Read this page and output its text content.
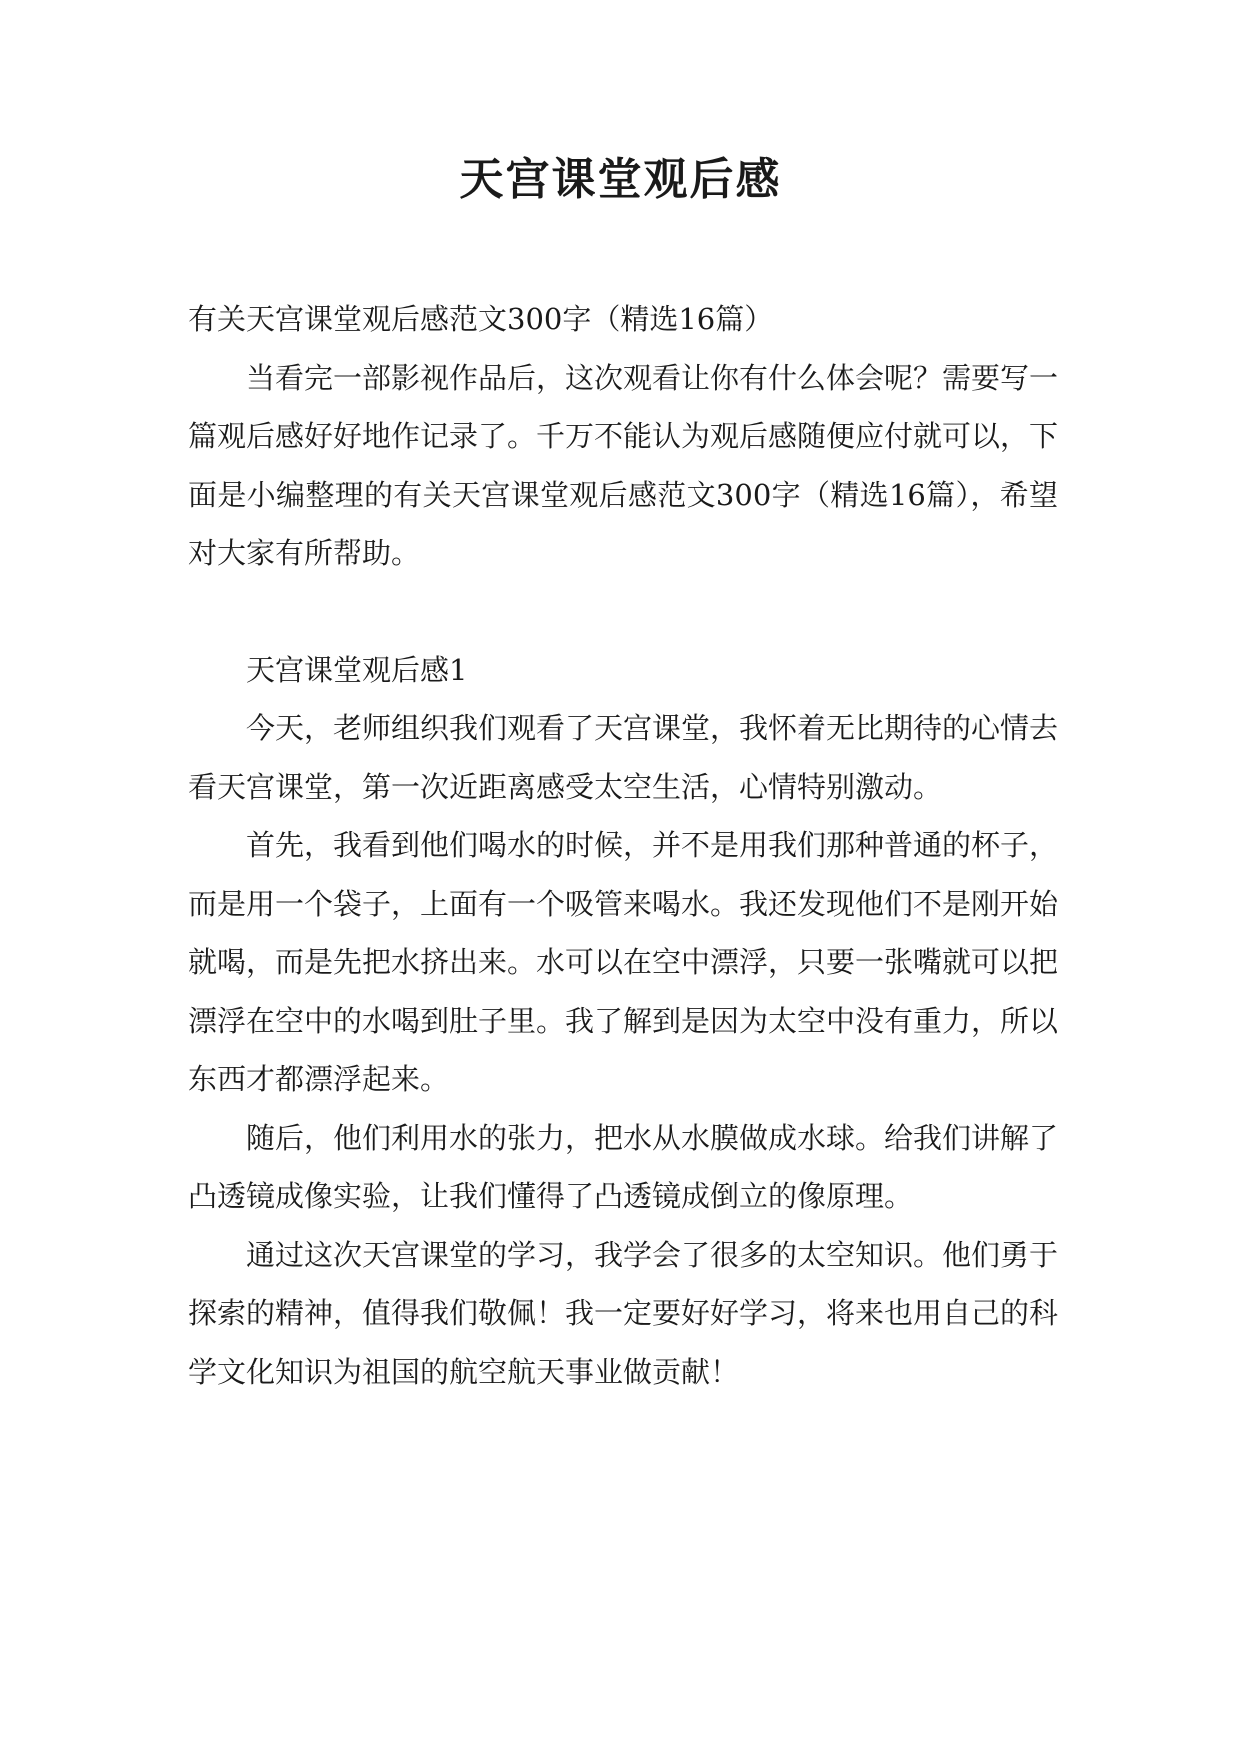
天宫课堂观后感

有关天宫课堂观后感范文300字（精选16篇）

当看完一部影视作品后，这次观看让你有什么体会呢？需要写一篇观后感好好地作记录了。千万不能认为观后感随便应付就可以，下面是小编整理的有关天宫课堂观后感范文300字（精选16篇），希望对大家有所帮助。

天宫课堂观后感1

今天，老师组织我们观看了天宫课堂，我怀着无比期待的心情去看天宫课堂，第一次近距离感受太空生活，心情特别激动。

首先，我看到他们喝水的时候，并不是用我们那种普通的杯子，而是用一个袋子，上面有一个吸管来喝水。我还发现他们不是刚开始就喝，而是先把水挤出来。水可以在空中漂浮，只要一张嘴就可以把漂浮在空中的水喝到肚子里。我了解到是因为太空中没有重力，所以东西才都漂浮起来。

随后，他们利用水的张力，把水从水膜做成水球。给我们讲解了凸透镜成像实验，让我们懂得了凸透镜成倒立的像原理。

通过这次天宫课堂的学习，我学会了很多的太空知识。他们勇于探索的精神，值得我们敬佩！我一定要好好学习，将来也用自己的科学文化知识为祖国的航空航天事业做贡献！
